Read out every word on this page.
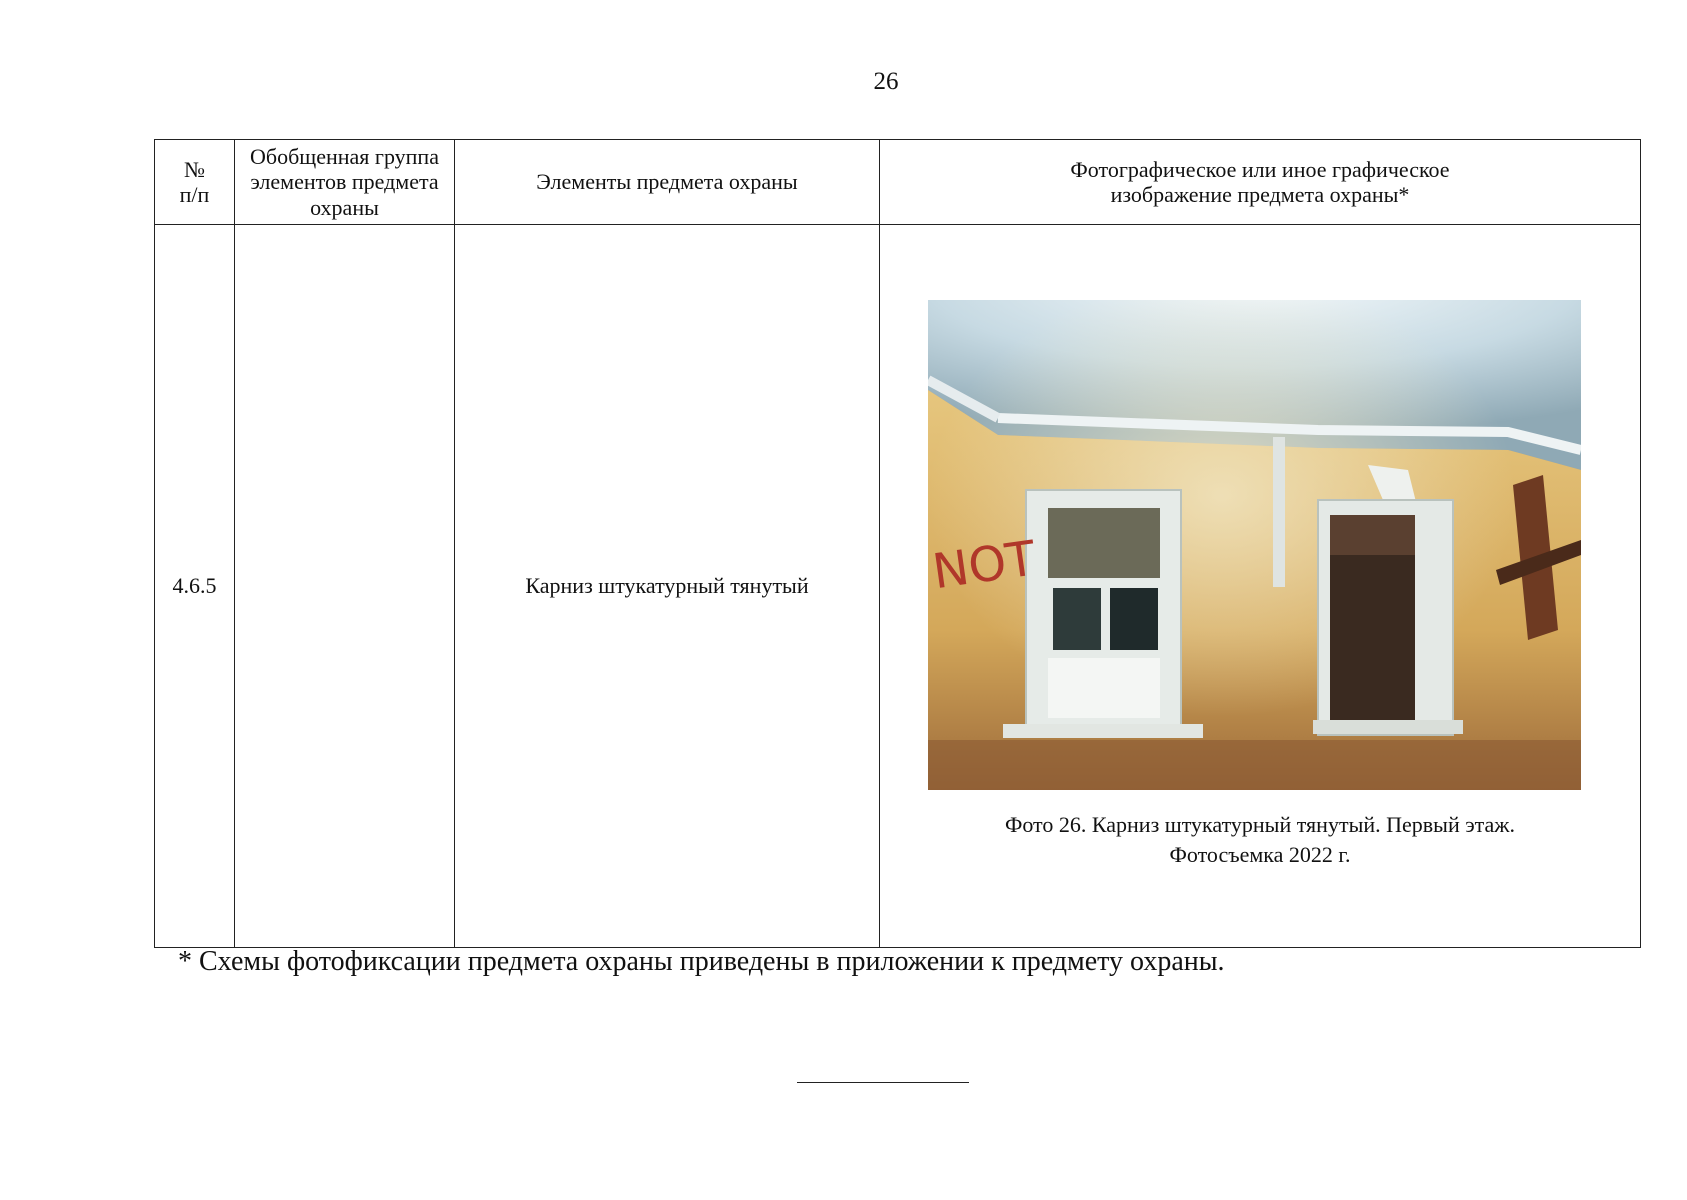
26
№
п/п	Обобщенная группа элементов предмета охраны	Элементы предмета охраны	Фотографическое или иное графическое изображение предмета охраны*
4.6.5		Карниз штукатурный тянутый	NOT
Фото 26. Карниз штукатурный тянутый. Первый этаж.
Фотосъемка 2022 г.
* Схемы фотофиксации предмета охраны приведены в приложении к предмету охраны.
